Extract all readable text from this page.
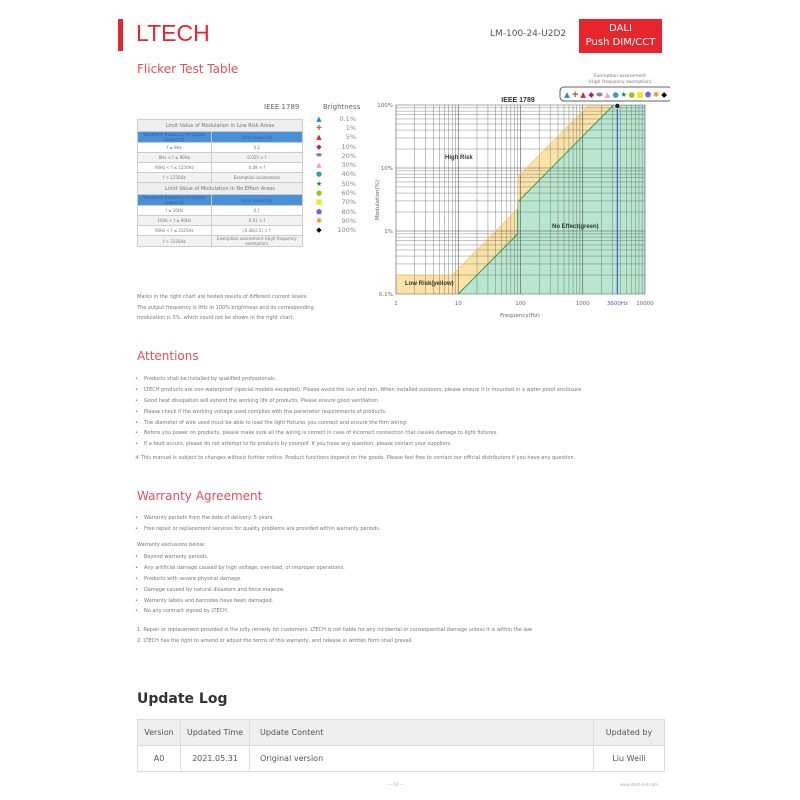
LTECH	LM-100-24-U2D2	DALI
Push DIM/CCT
Flicker Test Table
IEEE 1789	Brightness
Limit Value of Modulation in Low Risk Areas	
Waveform frequency of Optical output (f)	Limit value (%)
f ≤ 8Hz	0.2
8Hz < f ≤ 90Hz	0.025 × f
90Hz < f ≤ 1250Hz	0.08 × f
f > 1250Hz	Exemption assessment
Limit Value of Modulation in No Effect Areas	
Waveform frequency of Optical output (f)	Limit value (%)
f ≤ 10Hz	0.1
10Hz < f ≤ 90Hz	0.01 × f
90Hz < f ≤ 3125Hz	(0.08/2.5) × f
f > 3125Hz	Exemption assessment (High frequency exemption)
▲	0.1%
✚	1%
▲	5%
◆	10%
⬬	20%
▲	30%
●	40%
★	50%
●	60%
■	70%
⬟	80%
✱	90%
◆	100%
Marks in the right chart are tested results of different current levels.
The output frequency is 0Hz in 100% brightness and its corresponding
modulation is 0%, which could not be shown in the right chart.
IEEE 1789
High Risk
Low Risk(yellow)
No Effect(green)
1	10	100	1000	3600Hz 10000
100%
10%
1%
0.1%
Frequency(Hz)
Modulation(%)
Exemption assessment
(High frequency exemption)
▲ ✚ ▲ ◆ ⬬ ▲ ● ★ ● ■ ⬟ ✱ ◆
Attentions
• Products shall be installed by qualified professionals.
• LTECH products are non-waterproof (special models excepted). Please avoid the sun and rain. When installed outdoors, please ensure it is mounted in a water proof enclosure.
• Good heat dissipation will extend the working life of products. Please ensure good ventilation.
• Please check if the working voltage used complies with the parameter requirements of products.
• The diameter of wire used must be able to load the light fixtures you connect and ensure the firm wiring.
• Before you power on products, please make sure all the wiring is correct in case of incorrect connection that causes damage to light fixtures.
• If a fault occurs, please do not attempt to fix products by yourself. If you have any question, please contact your suppliers.
※ This manual is subject to changes without further notice. Product functions depend on the goods. Please feel free to contact our official distributors if you have any question.
Warranty Agreement
• Warranty periods from the date of delivery: 5 years.
• Free repair or replacement services for quality problems are provided within warranty periods.
Warranty exclusions below:
• Beyond warranty periods.
• Any artificial damage caused by high voltage, overload, or improper operations.
• Products with severe physical damage.
• Damage caused by natural disasters and force majeure.
• Warranty labels and barcodes have been damaged.
• No any contract signed by LTECH.
1. Repair or replacement provided is the only remedy for customers. LTECH is not liable for any incidental or consequential damage unless it is within the law.
2. LTECH has the right to amend or adjust the terms of this warranty, and release in written form shall prevail.
Update Log
Version	Updated Time	Update Content	Updated by
A0	2021.05.31	Original version	Liu Weili
— 04 —	www.ltech-led.com
